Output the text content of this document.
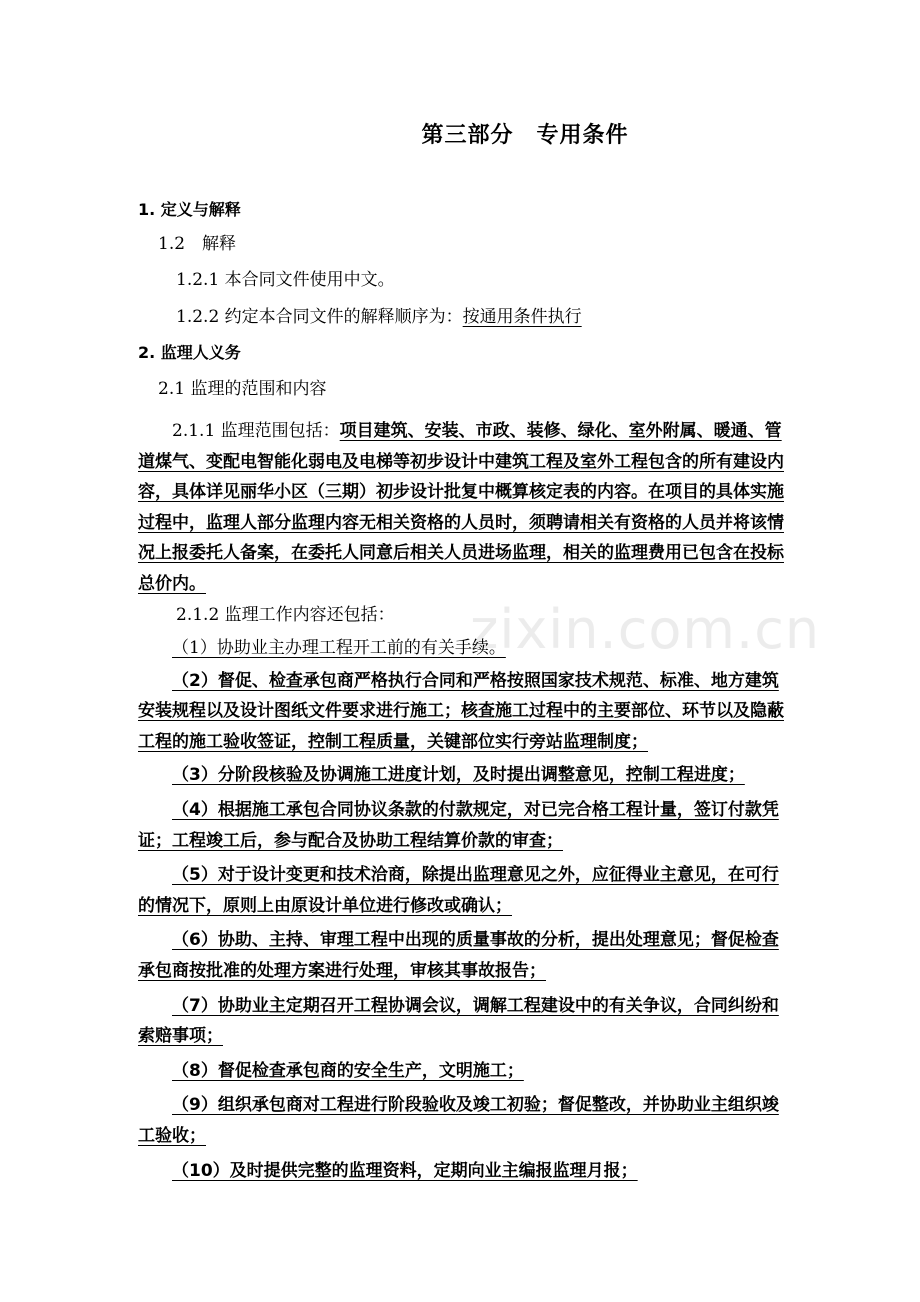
zixin.com.cn
第三部分　专用条件
1. 定义与解释
1.2　解释
1.2.1 本合同文件使用中文。
1.2.2 约定本合同文件的解释顺序为：按通用条件执行
2. 监理人义务
2.1 监理的范围和内容
2.1.1 监理范围包括：项目建筑、安装、市政、装修、绿化、室外附属、暖通、管道煤气、变配电智能化弱电及电梯等初步设计中建筑工程及室外工程包含的所有建设内容，具体详见丽华小区（三期）初步设计批复中概算核定表的内容。在项目的具体实施过程中，监理人部分监理内容无相关资格的人员时，须聘请相关有资格的人员并将该情况上报委托人备案，在委托人同意后相关人员进场监理，相关的监理费用已包含在投标总价内。
2.1.2 监理工作内容还包括：

（1）协助业主办理工程开工前的有关手续。

（2）督促、检查承包商严格执行合同和严格按照国家技术规范、标准、地方建筑安装规程以及设计图纸文件要求进行施工；核查施工过程中的主要部位、环节以及隐蔽工程的施工验收签证，控制工程质量，关键部位实行旁站监理制度；

（3）分阶段核验及协调施工进度计划，及时提出调整意见，控制工程进度；

（4）根据施工承包合同协议条款的付款规定，对已完合格工程计量，签订付款凭证；工程竣工后，参与配合及协助工程结算价款的审查；

（5）对于设计变更和技术洽商，除提出监理意见之外，应征得业主意见，在可行的情况下，原则上由原设计单位进行修改或确认；

（6）协助、主持、审理工程中出现的质量事故的分析，提出处理意见；督促检查承包商按批准的处理方案进行处理，审核其事故报告；

（7）协助业主定期召开工程协调会议，调解工程建设中的有关争议，合同纠纷和索赔事项；

（8）督促检查承包商的安全生产，文明施工；

（9）组织承包商对工程进行阶段验收及竣工初验；督促整改，并协助业主组织竣工验收；

（10）及时提供完整的监理资料，定期向业主编报监理月报；
